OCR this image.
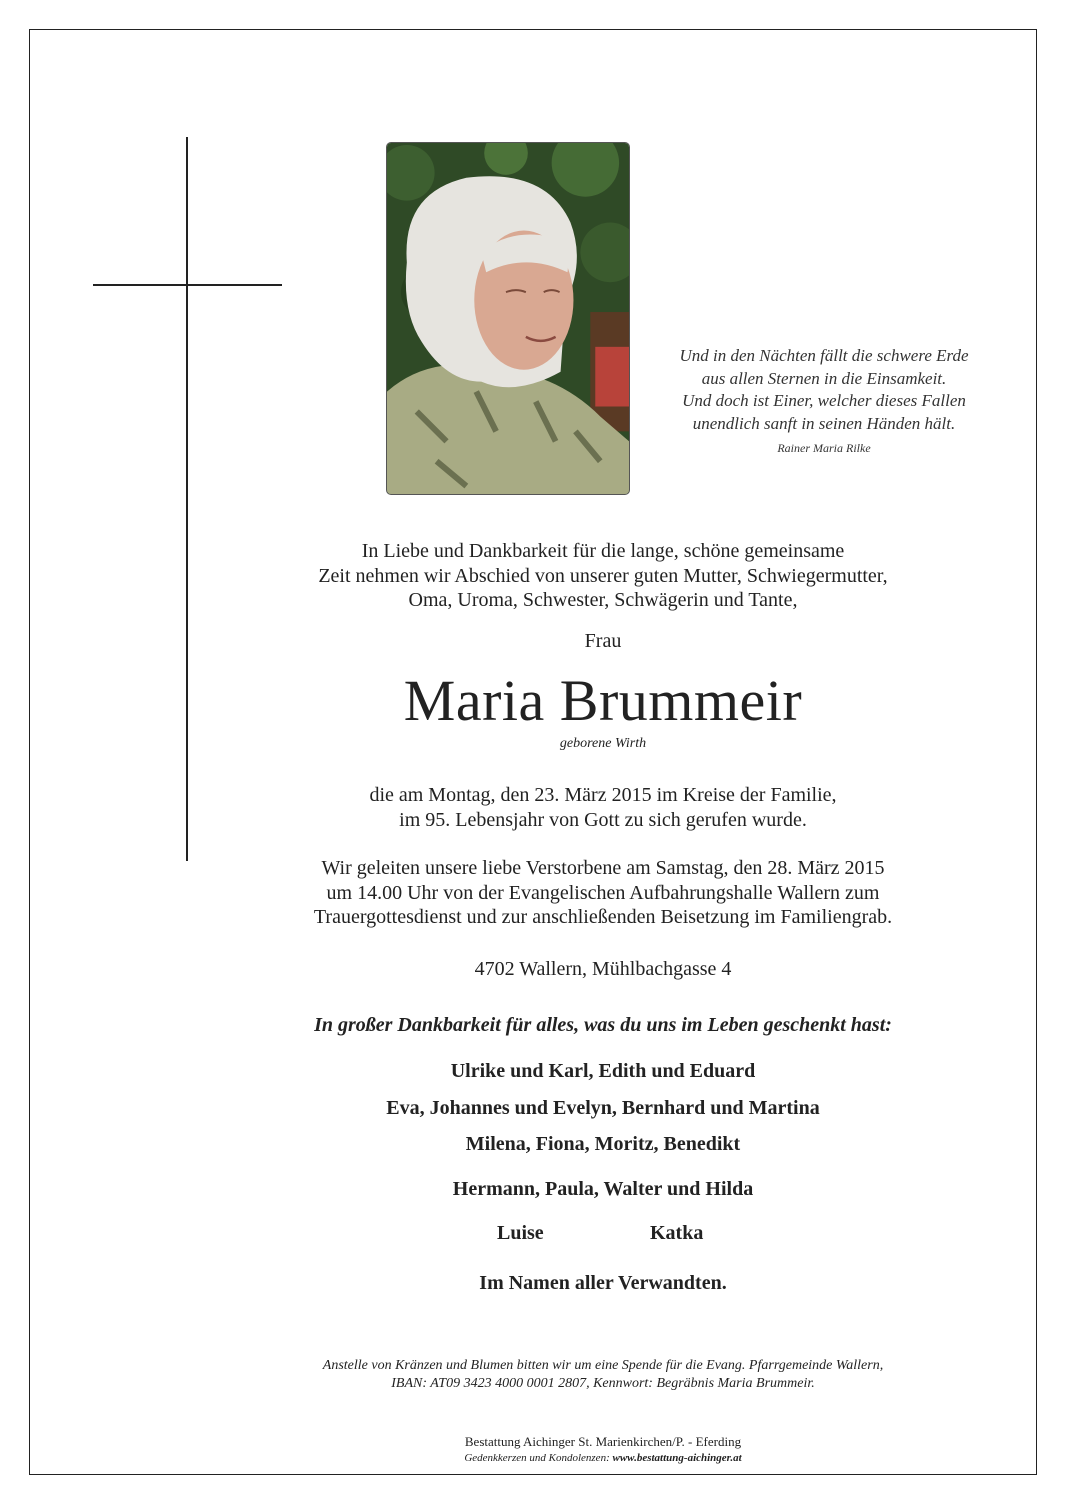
Und in den Nächten fällt die schwere Erde
aus allen Sternen in die Einsamkeit.
Und doch ist Einer, welcher dieses Fallen
unendlich sanft in seinen Händen hält.
Rainer Maria Rilke
In Liebe und Dankbarkeit für die lange, schöne gemeinsame
Zeit nehmen wir Abschied von unserer guten Mutter, Schwiegermutter,
Oma, Uroma, Schwester, Schwägerin und Tante,
Frau
Maria Brummeir
geborene Wirth
die am Montag, den 23. März 2015 im Kreise der Familie,
im 95. Lebensjahr von Gott zu sich gerufen wurde.
Wir geleiten unsere liebe Verstorbene am Samstag, den 28. März 2015
um 14.00 Uhr von der Evangelischen Aufbahrungshalle Wallern zum
Trauergottesdienst und zur anschließenden Beisetzung im Familiengrab.
4702 Wallern, Mühlbachgasse 4
In großer Dankbarkeit für alles, was du uns im Leben geschenkt hast:
Ulrike und Karl, Edith und Eduard
Eva, Johannes und Evelyn, Bernhard und Martina
Milena, Fiona, Moritz, Benedikt
Hermann, Paula, Walter und Hilda
Luise	Katka
Im Namen aller Verwandten.
Anstelle von Kränzen und Blumen bitten wir um eine Spende für die Evang. Pfarrgemeinde Wallern,
IBAN: AT09 3423 4000 0001 2807, Kennwort: Begräbnis Maria Brummeir.
Bestattung Aichinger St. Marienkirchen/P. - Eferding
Gedenkkerzen und Kondolenzen: www.bestattung-aichinger.at
